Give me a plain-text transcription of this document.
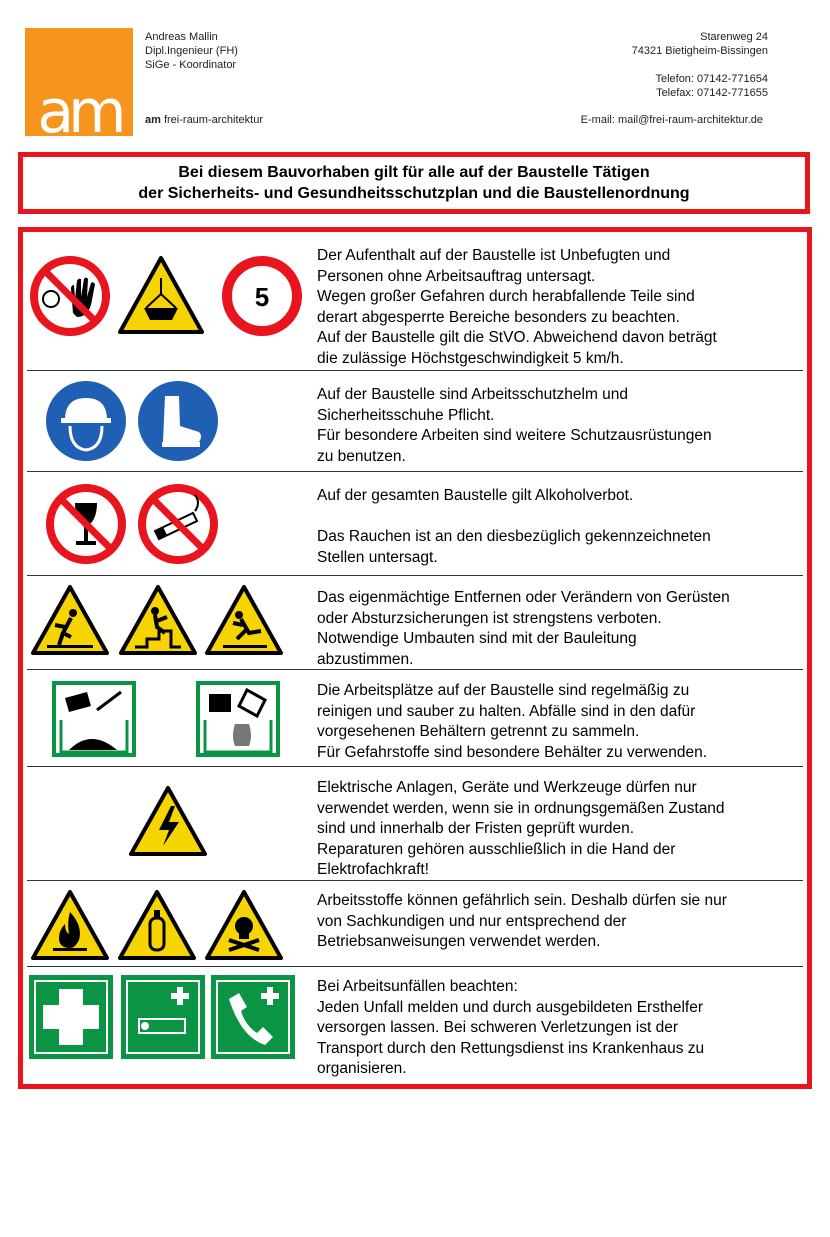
am
Andreas Mallin
Dipl.Ingenieur (FH)
SiGe - Koordinator
am frei-raum-architektur
Starenweg 24
74321 Bietigheim-Bissingen
Telefon: 07142-771654
Telefax: 07142-771655
E-mail: mail@frei-raum-architektur.de
Bei diesem Bauvorhaben gilt für alle auf der Baustelle Tätigen
der Sicherheits- und Gesundheitsschutzplan und die Baustellenordnung
5
Der Aufenthalt auf der Baustelle ist Unbefugten und
Personen ohne Arbeitsauftrag untersagt.
Wegen großer Gefahren durch herabfallende Teile sind
derart abgesperrte Bereiche besonders zu beachten.
Auf der Baustelle gilt die StVO. Abweichend davon beträgt
die zulässige Höchstgeschwindigkeit 5 km/h.
Auf der Baustelle sind Arbeitsschutzhelm und
Sicherheitsschuhe Pflicht.
Für besondere Arbeiten sind weitere Schutzausrüstungen
zu benutzen.
Auf der gesamten Baustelle gilt Alkoholverbot.
Das Rauchen ist an den diesbezüglich gekennzeichneten
Stellen untersagt.
Das eigenmächtige Entfernen oder Verändern von Gerüsten
oder Absturzsicherungen ist strengstens verboten.
Notwendige Umbauten sind mit der Bauleitung
abzustimmen.
Die Arbeitsplätze auf der Baustelle sind regelmäßig zu
reinigen und sauber zu halten. Abfälle sind in den dafür
vorgesehenen Behältern getrennt zu sammeln.
Für Gefahrstoffe sind besondere Behälter zu verwenden.
Elektrische Anlagen, Geräte und Werkzeuge dürfen nur
verwendet werden, wenn sie in ordnungsgemäßen Zustand
sind und innerhalb der Fristen geprüft wurden.
Reparaturen gehören ausschließlich in die Hand der
Elektrofachkraft!
Arbeitsstoffe können gefährlich sein. Deshalb dürfen sie nur
von Sachkundigen und nur entsprechend der
Betriebsanweisungen verwendet werden.
Bei Arbeitsunfällen beachten:
Jeden Unfall melden und durch ausgebildeten Ersthelfer
versorgen lassen. Bei schweren Verletzungen ist der
Transport durch den Rettungsdienst ins Krankenhaus zu
organisieren.
